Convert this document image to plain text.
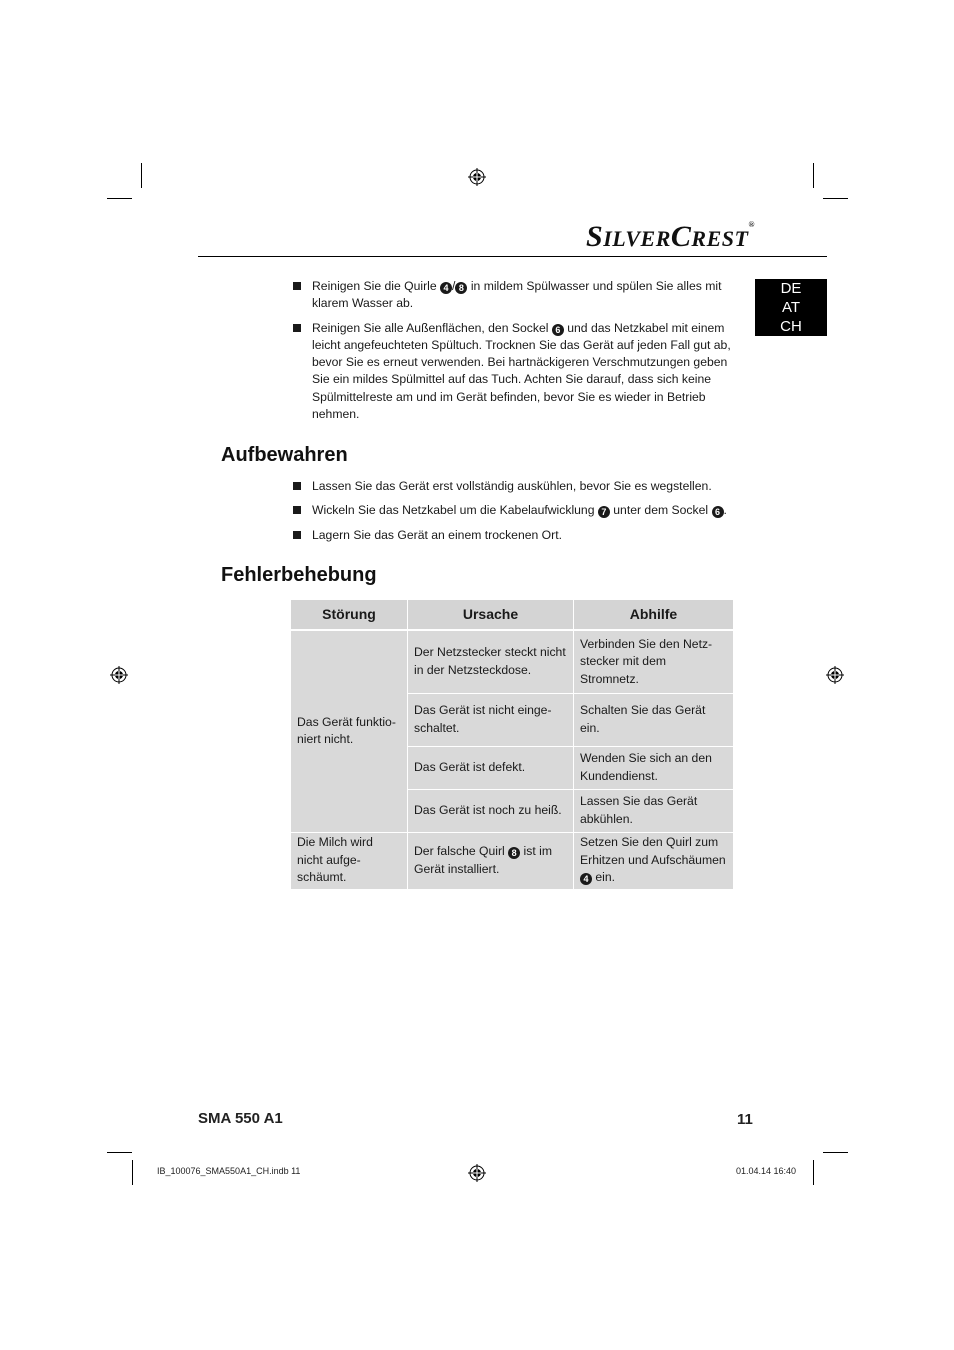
SILVERCREST®
DE
AT
CH
Reinigen Sie die Quirle 4 / 8 in mildem Spülwasser und spülen Sie alles mit klarem Wasser ab.
Reinigen Sie alle Außenflächen, den Sockel 6 und das Netzkabel mit einem leicht angefeuchteten Spültuch. Trocknen Sie das Gerät auf jeden Fall gut ab, bevor Sie es erneut verwenden. Bei hartnäckigeren Verschmutzungen geben Sie ein mildes Spülmittel auf das Tuch. Achten Sie darauf, dass sich keine Spülmittelreste am und im Gerät befinden, bevor Sie es wieder in Betrieb nehmen.
Aufbewahren
Lassen Sie das Gerät erst vollständig auskühlen, bevor Sie es wegstellen.
Wickeln Sie das Netzkabel um die Kabelaufwicklung 7 unter dem Sockel 6 .
Lagern Sie das Gerät an einem trockenen Ort.
Fehlerbehebung
Störung	Ursache	Abhilfe
Das Gerät funktio-niert nicht.	Der Netzstecker steckt nicht in der Netzsteckdose.	Verbinden Sie den Netz-stecker mit dem Stromnetz.
	Das Gerät ist nicht einge-schaltet.	Schalten Sie das Gerät ein.
	Das Gerät ist defekt.	Wenden Sie sich an den Kundendienst.
	Das Gerät ist noch zu heiß.	Lassen Sie das Gerät abkühlen.
Die Milch wird nicht aufge-schäumt.	Der falsche Quirl 8 ist im Gerät installiert.	Setzen Sie den Quirl zum Erhitzen und Aufschäumen 4 ein.
SMA 550 A1	11
IB_100076_SMA550A1_CH.indb 11	01.04.14 16:40
